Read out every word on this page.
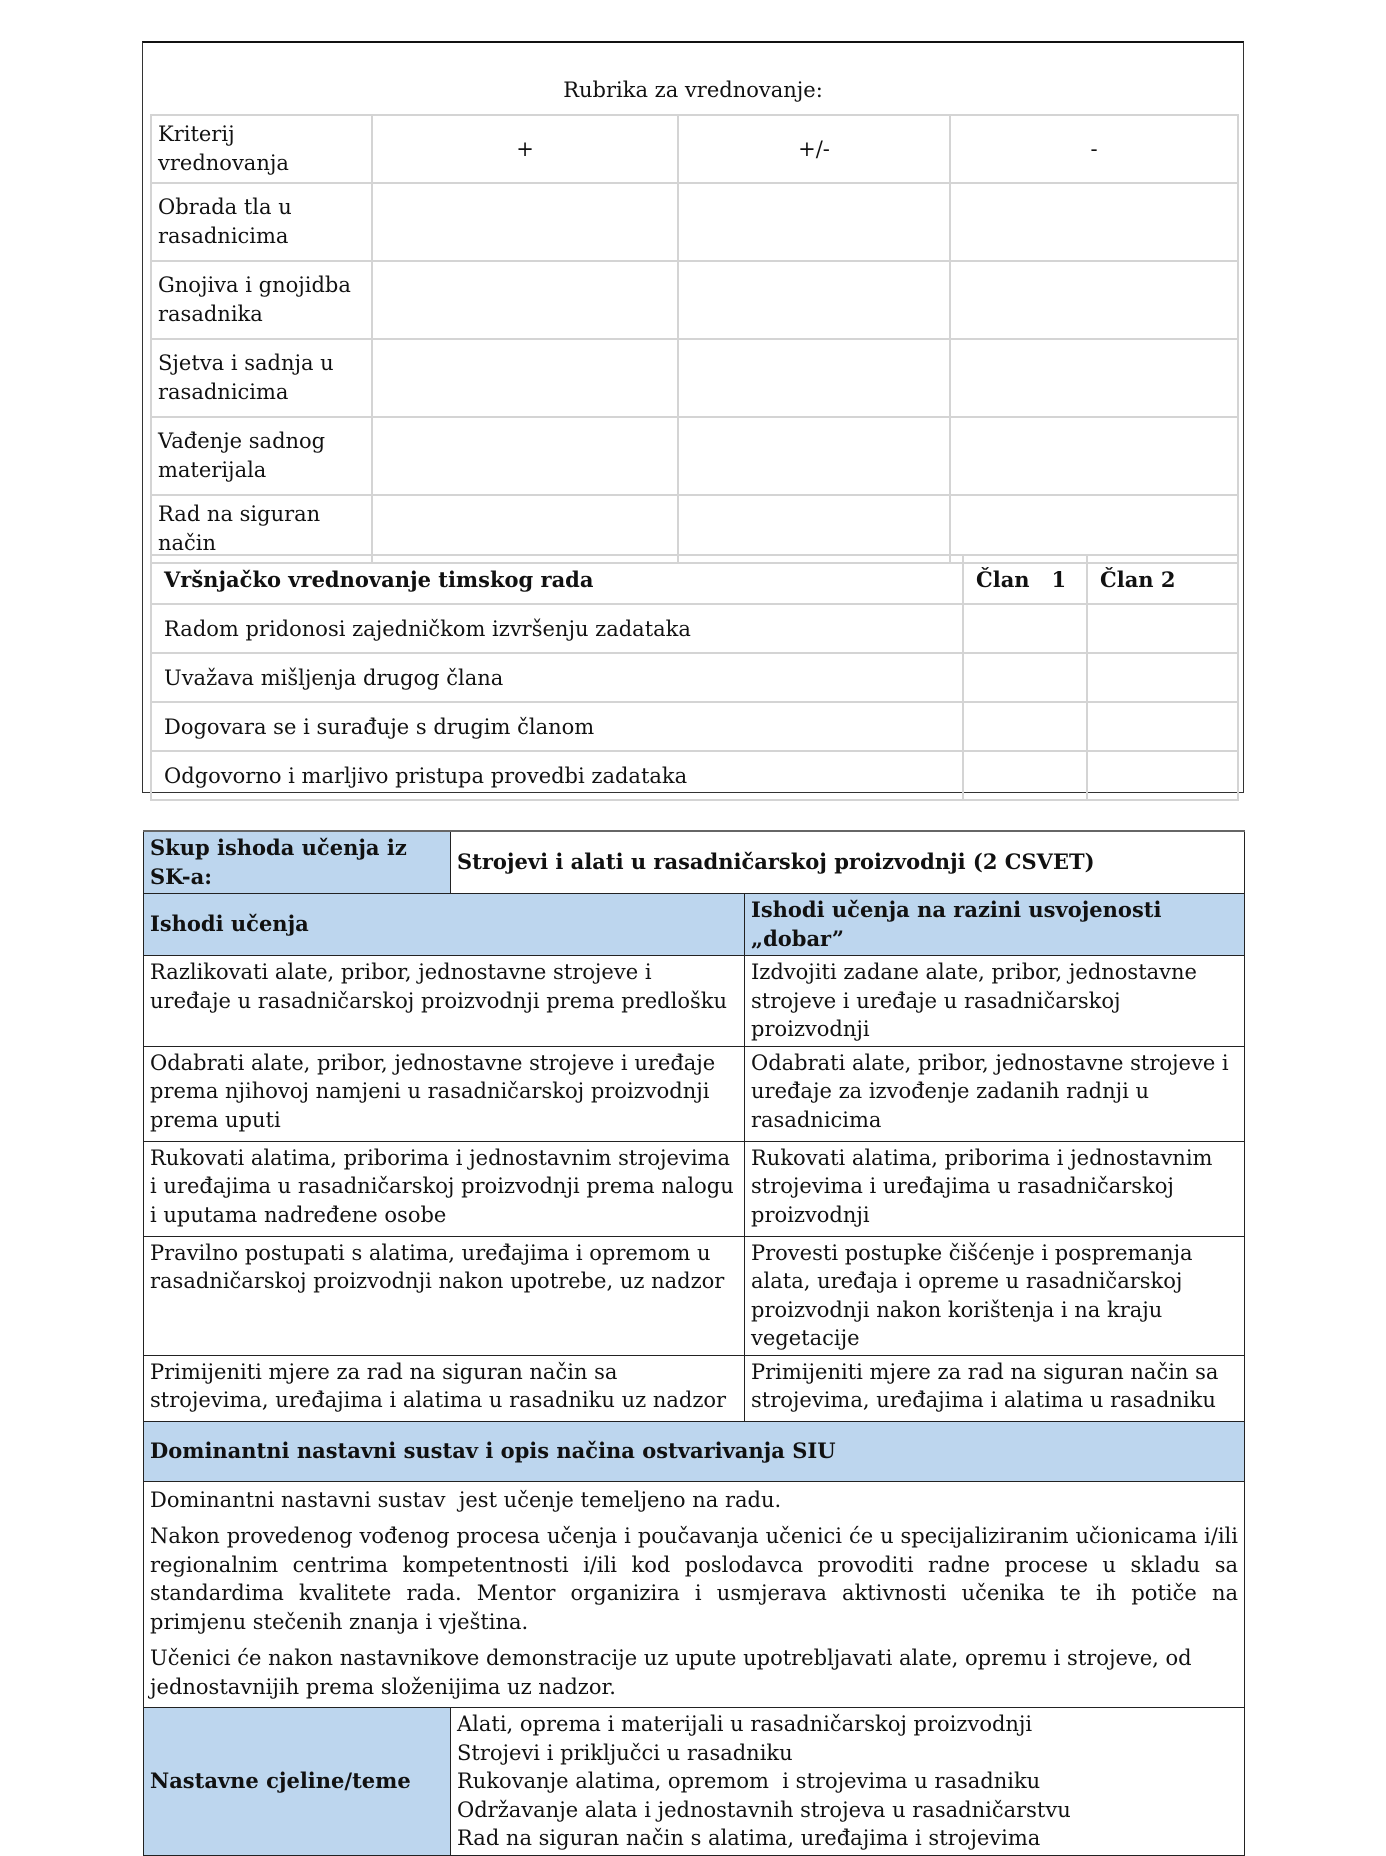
Rubrika za vrednovanje:
Kriterij vrednovanja	+	+/-	-
Obrada tla u rasadnicima			
Gnojiva i gnojidba rasadnika			
Sjetva i sadnja u rasadnicima			
Vađenje sadnog materijala			
Rad na siguran način			
Vršnjačko vrednovanje timskog rada	Član   1	Član 2
Radom pridonosi zajedničkom izvršenju zadataka		
Uvažava mišljenja drugog člana		
Dogovara se i surađuje s drugim članom		
Odgovorno i marljivo pristupa provedbi zadataka		
Skup ishoda učenja iz SK-a:	Strojevi i alati u rasadničarskoj proizvodnji (2 CSVET)	
Ishodi učenja		Ishodi učenja na razini usvojenosti „dobar”
Razlikovati alate, pribor, jednostavne strojeve i uređaje u rasadničarskoj proizvodnji prema predlošku		Izdvojiti zadane alate, pribor, jednostavne strojeve i uređaje u rasadničarskoj proizvodnji
Odabrati alate, pribor, jednostavne strojeve i uređaje prema njihovoj namjeni u rasadničarskoj proizvodnji prema uputi		Odabrati alate, pribor, jednostavne strojeve i uređaje za izvođenje zadanih radnji u rasadnicima
Rukovati alatima, priborima i jednostavnim strojevima i uređajima u rasadničarskoj proizvodnji prema nalogu i uputama nadređene osobe		Rukovati alatima, priborima i jednostavnim strojevima i uređajima u rasadničarskoj proizvodnji
Pravilno postupati s alatima, uređajima i opremom u rasadničarskoj proizvodnji nakon upotrebe, uz nadzor		Provesti postupke čišćenje i pospremanja alata, uređaja i opreme u rasadničarskoj proizvodnji nakon korištenja i na kraju vegetacije
Primijeniti mjere za rad na siguran način sa strojevima, uređajima i alatima u rasadniku uz nadzor		Primijeniti mjere za rad na siguran način sa strojevima, uređajima i alatima u rasadniku
Dominantni nastavni sustav i opis načina ostvarivanja SIU		

Dominantni nastavni sustav  jest učenje temeljeno na radu.

Nakon provedenog vođenog procesa učenja i poučavanja učenici će u specijaliziranim učionicama i/ili regionalnim centrima kompetentnosti i/ili kod poslodavca provoditi radne procese u skladu sa standardima kvalitete rada. Mentor organizira i usmjerava aktivnosti učenika te ih potiče na primjenu stečenih znanja i vještina.

Učenici će nakon nastavnikove demonstracije uz upute upotrebljavati alate, opremu i strojeve, od jednostavnijih prema složenijima uz nadzor.		

Nastavne cjeline/teme	Alati, oprema i materijali u rasadničarskoj proizvodnji
Strojevi i priključci u rasadniku
Rukovanje alatima, opremom  i strojevima u rasadniku
Održavanje alata i jednostavnih strojeva u rasadničarstvu
Rad na siguran način s alatima, uređajima i strojevima	
